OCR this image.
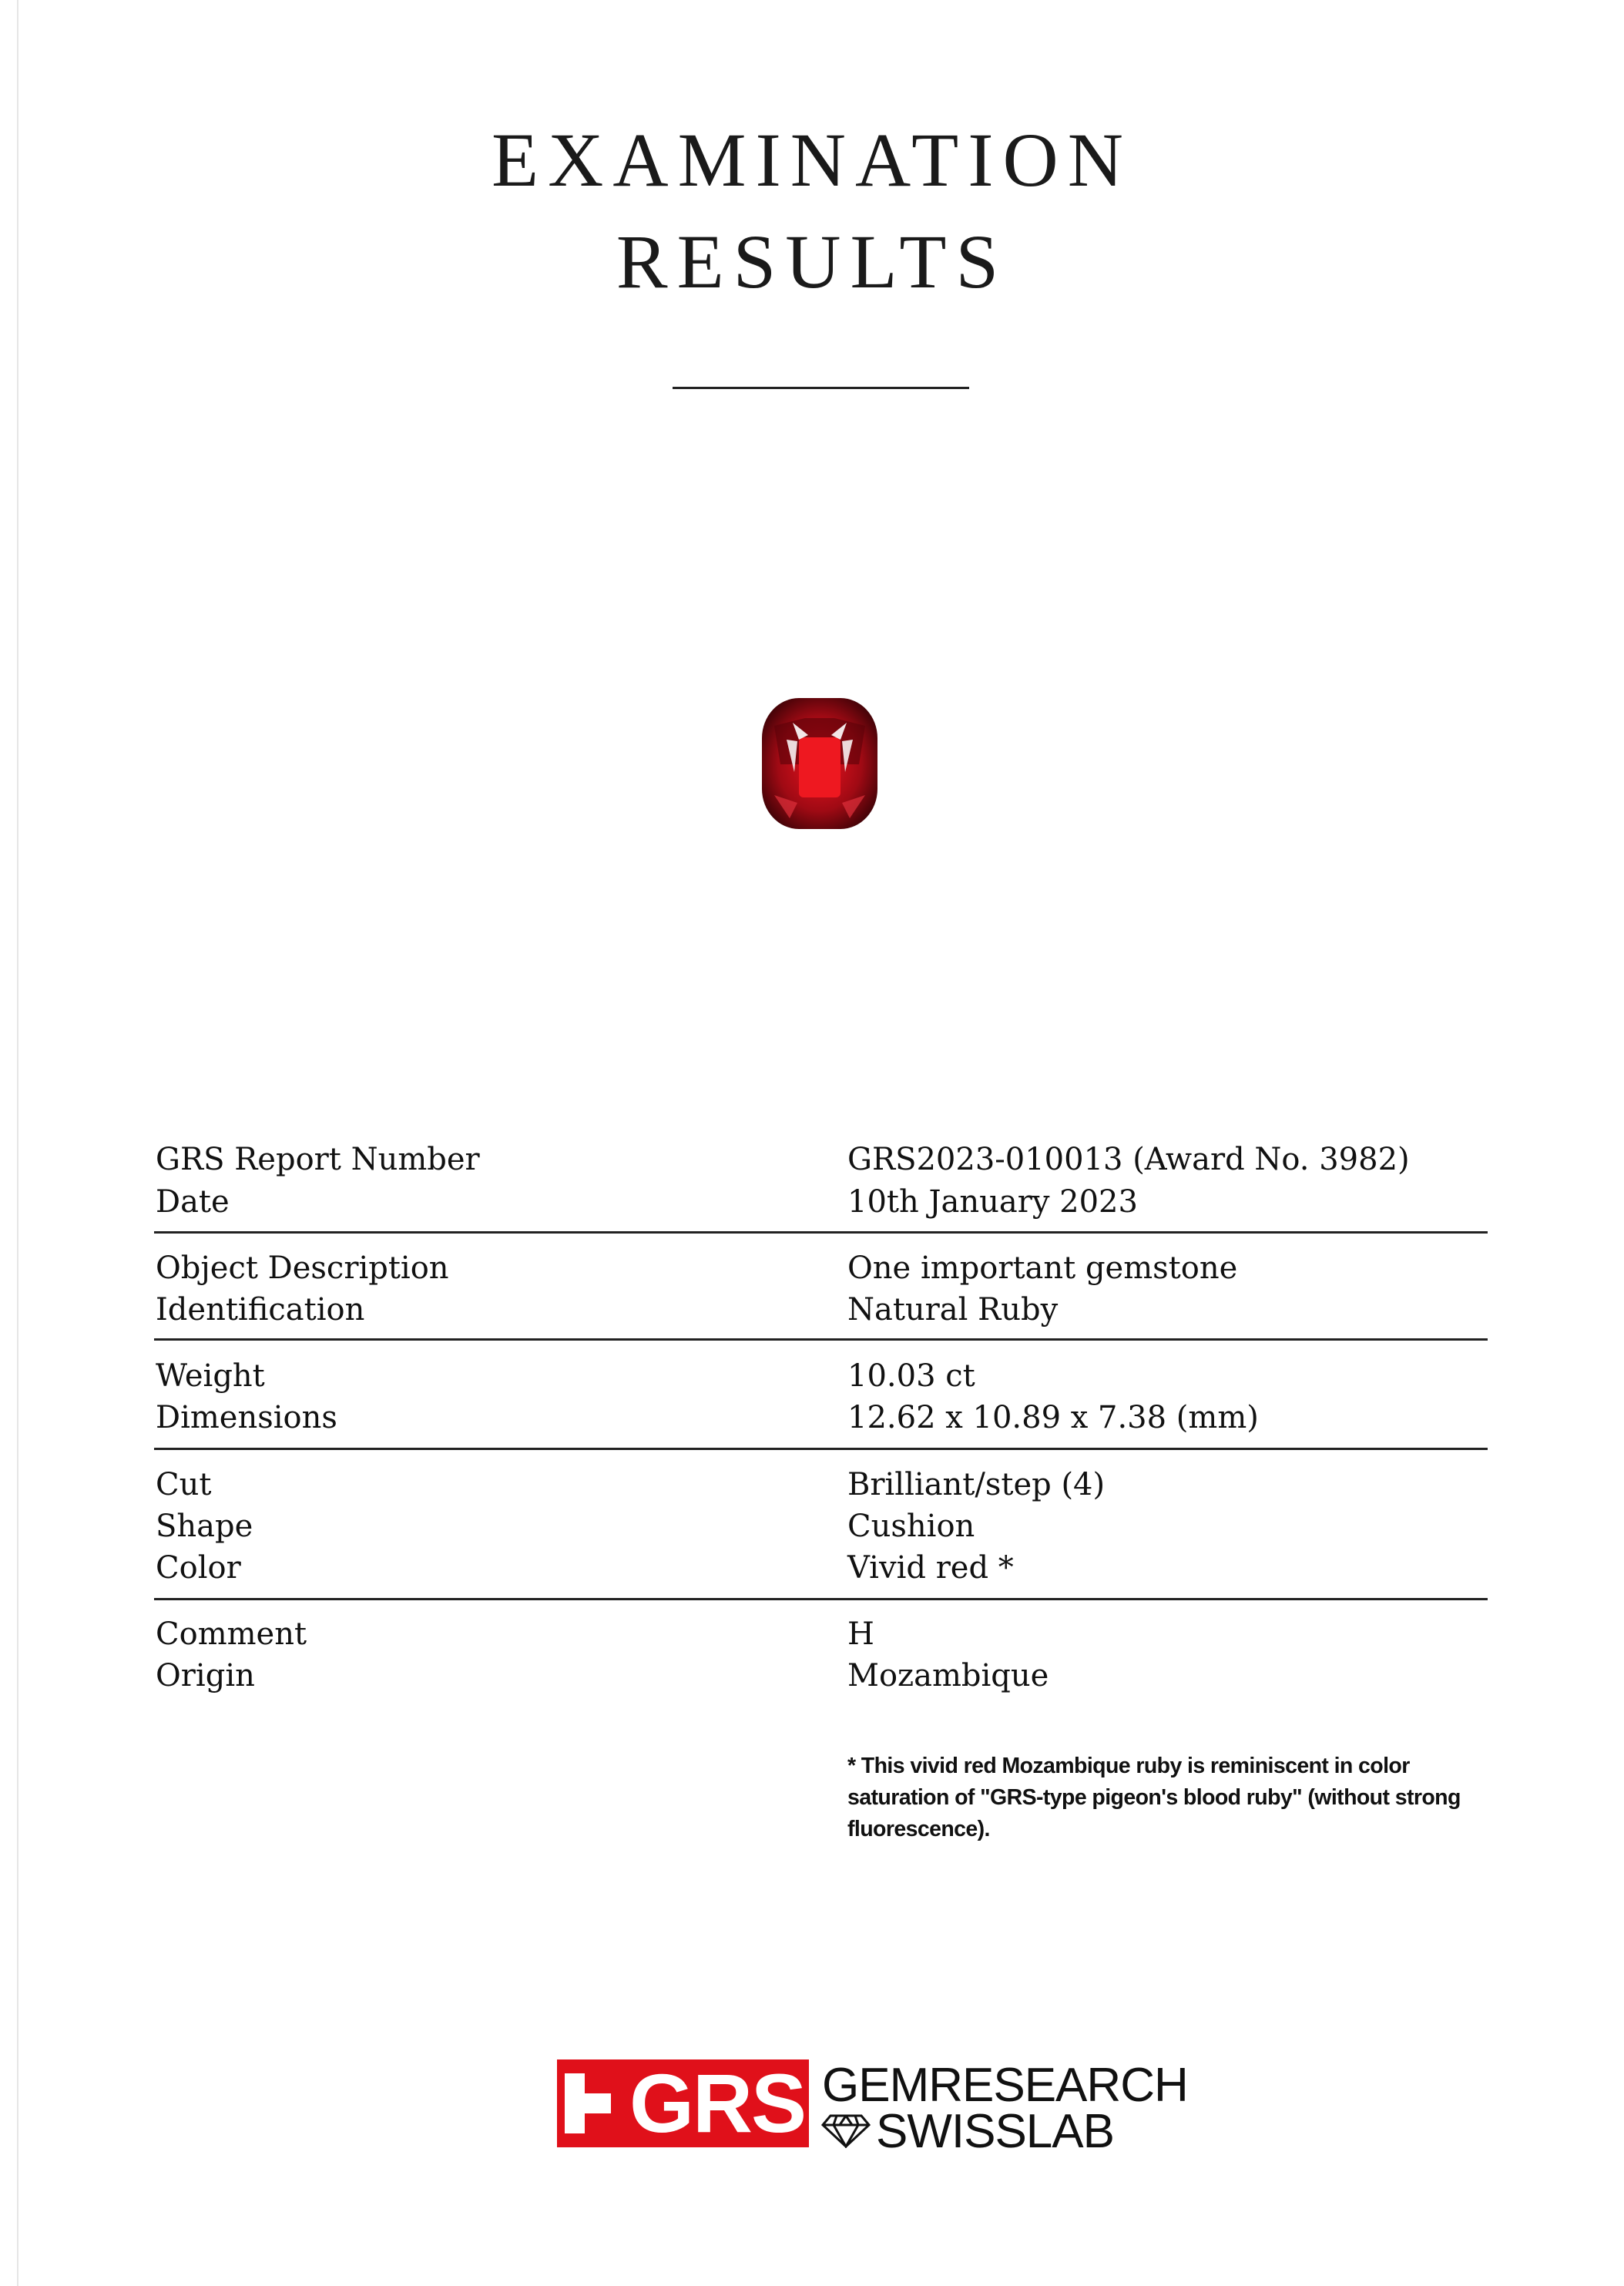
EXAMINATION
RESULTS
GRS Report Number	GRS2023-010013 (Award No. 3982)
Date	10th January 2023
Object Description	One important gemstone
Identification	Natural Ruby
Weight	10.03 ct
Dimensions	12.62 x 10.89 x 7.38 (mm)
Cut	Brilliant/step (4)
Shape	Cushion
Color	Vivid red *
Comment	H
Origin	Mozambique
* This vivid red Mozambique ruby is reminiscent in color saturation of "GRS-type pigeon's blood ruby" (without strong fluorescence).
GRS GEMRESEARCH
SWISSLAB
